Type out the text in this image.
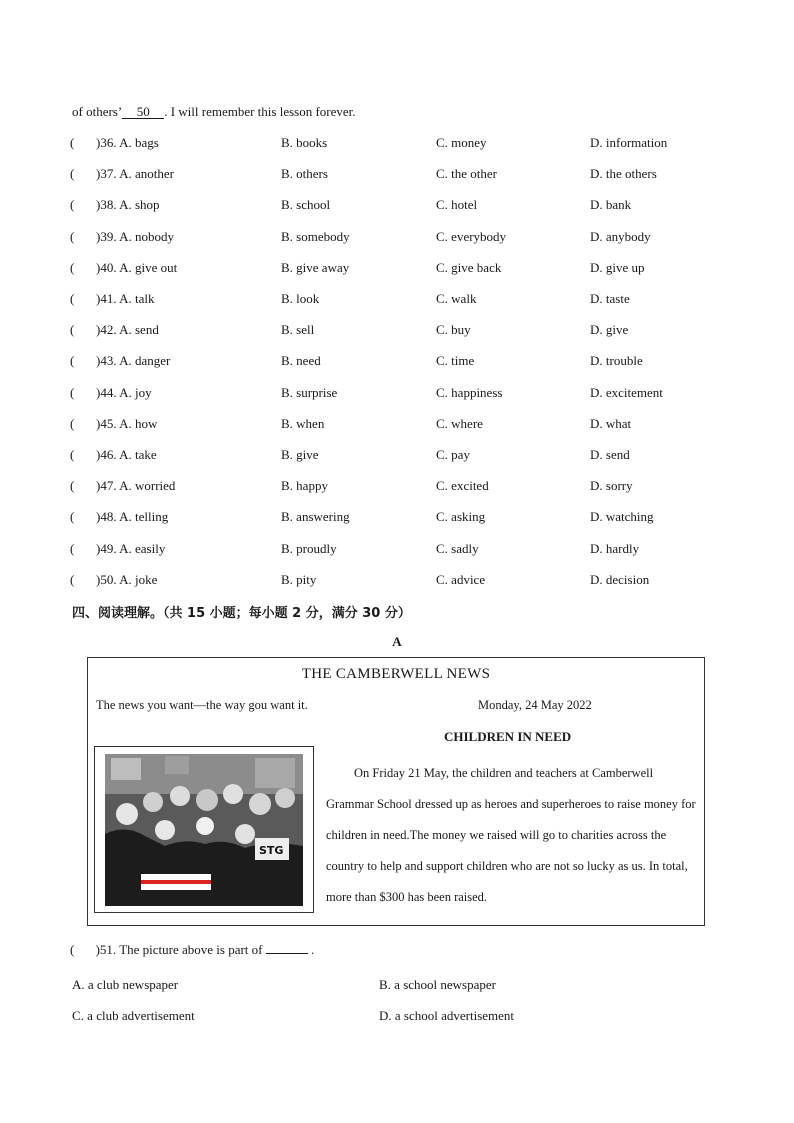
of others’ 50 . I will remember this lesson forever.
( )36. A. bags	B. books	C. money	D. information
( )37. A. another	B. others	C. the other	D. the others
( )38. A. shop	B. school	C. hotel	D. bank
( )39. A. nobody	B. somebody	C. everybody	D. anybody
( )40. A. give out	B. give away	C. give back	D. give up
( )41. A. talk	B. look	C. walk	D. taste
( )42. A. send	B. sell	C. buy	D. give
( )43. A. danger	B. need	C. time	D. trouble
( )44. A. joy	B. surprise	C. happiness	D. excitement
( )45. A. how	B. when	C. where	D. what
( )46. A. take	B. give	C. pay	D. send
( )47. A. worried	B. happy	C. excited	D. sorry
( )48. A. telling	B. answering	C. asking	D. watching
( )49. A. easily	B. proudly	C. sadly	D. hardly
( )50. A. joke	B. pity	C. advice	D. decision
四、阅读理解。（共 15 小题；每小题 2 分，满分 30 分）
A
THE CAMBERWELL NEWS
The news you want—the way gou want it.	Monday, 24 May 2022
CHILDREN IN NEED
STG
On Friday 21 May, the children and teachers at Camberwell Grammar School dressed up as heroes and superheroes to raise money for children in need.The money we raised will go to charities across the country to help and support children who are not so lucky as us. In total, more than $300 has been raised.
( )51. The picture above is part of	.
A. a club newspaper	B. a school newspaper
C. a club advertisement	D. a school advertisement
